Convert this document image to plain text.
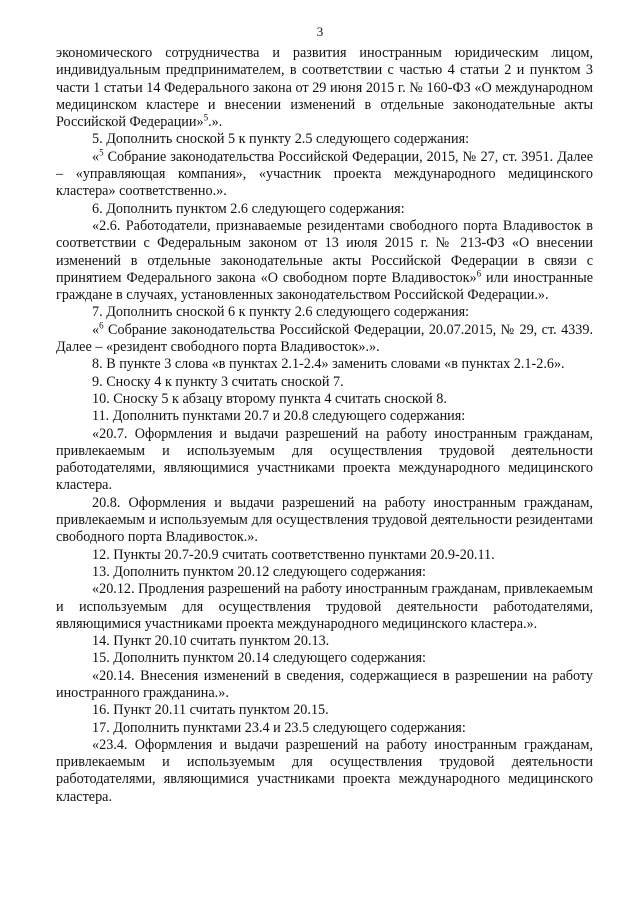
3

экономического сотрудничества и развития иностранным юридическим лицом, индивидуальным предпринимателем, в соответствии с частью 4 статьи 2 и пунктом 3 части 1 статьи 14 Федерального закона от 29 июня 2015 г. № 160-ФЗ «О международном медицинском кластере и внесении изменений в отдельные законодательные акты Российской Федерации»$^5$.».

5. Дополнить сноской 5 к пункту 2.5 следующего содержания:

«$^5$ Собрание законодательства Российской Федерации, 2015, № 27, ст. 3951. Далее – «управляющая компания», «участник проекта международного медицинского кластера» соответственно.».

6. Дополнить пунктом 2.6 следующего содержания:

«2.6. Работодатели, признаваемые резидентами свободного порта Владивосток в соответствии с Федеральным законом от 13 июля 2015 г. № 213-ФЗ «О внесении изменений в отдельные законодательные акты Российской Федерации в связи с принятием Федерального закона «О свободном порте Владивосток»$^6$ или иностранные граждане в случаях, установленных законодательством Российской Федерации.».

7. Дополнить сноской 6 к пункту 2.6 следующего содержания:

«$^6$ Собрание законодательства Российской Федерации, 20.07.2015, № 29, ст. 4339. Далее – «резидент свободного порта Владивосток».».

8. В пункте 3 слова «в пунктах 2.1-2.4» заменить словами «в пунктах 2.1-2.6».

9. Сноску 4 к пункту 3 считать сноской 7.

10. Сноску 5 к абзацу второму пункта 4 считать сноской 8.

11. Дополнить пунктами 20.7 и 20.8 следующего содержания:

«20.7. Оформления и выдачи разрешений на работу иностранным гражданам, привлекаемым и используемым для осуществления трудовой деятельности работодателями, являющимися участниками проекта международного медицинского кластера.

20.8. Оформления и выдачи разрешений на работу иностранным гражданам, привлекаемым и используемым для осуществления трудовой деятельности резидентами свободного порта Владивосток.».

12. Пункты 20.7-20.9 считать соответственно пунктами 20.9-20.11.

13. Дополнить пунктом 20.12 следующего содержания:

«20.12. Продления разрешений на работу иностранным гражданам, привлекаемым и используемым для осуществления трудовой деятельности работодателями, являющимися участниками проекта международного медицинского кластера.».

14. Пункт 20.10 считать пунктом 20.13.

15. Дополнить пунктом 20.14 следующего содержания:

«20.14. Внесения изменений в сведения, содержащиеся в разрешении на работу иностранного гражданина.».

16. Пункт 20.11 считать пунктом 20.15.

17. Дополнить пунктами 23.4 и 23.5 следующего содержания:

«23.4. Оформления и выдачи разрешений на работу иностранным гражданам, привлекаемым и используемым для осуществления трудовой деятельности работодателями, являющимися участниками проекта международного медицинского кластера.
